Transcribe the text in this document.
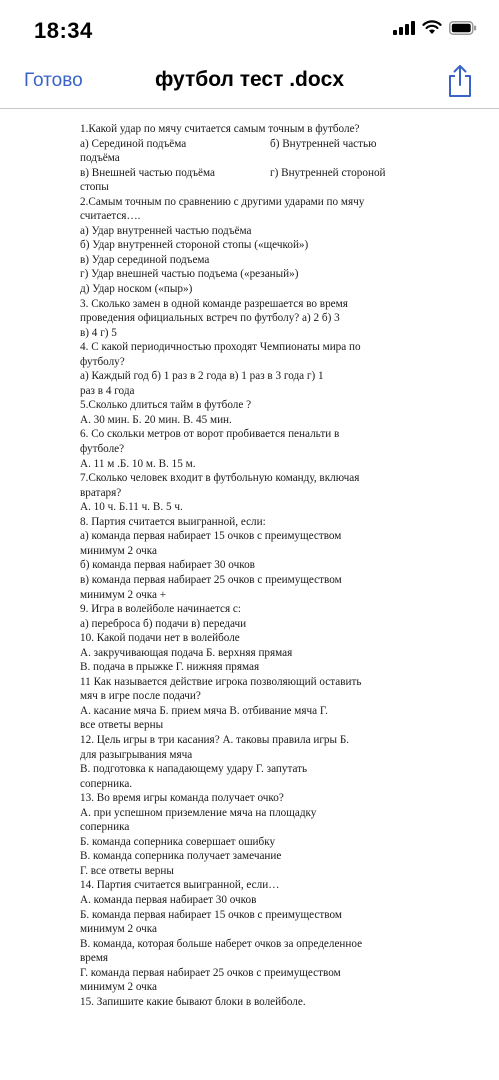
18:34
Готово	футбол тест .docx
1.Какой удар по мячу считается самым точным в футболе?
а) Серединой подъёма	б) Внутренней частью
подъёма
в) Внешней частью подъёма	г) Внутренней стороной
стопы
2.Самым точным по сравнению с другими ударами по мячу
считается….
а) Удар внутренней частью подъёма
б) Удар внутренней стороной стопы («щечкой»)
в) Удар серединой подъема
г) Удар внешней частью подъема («резаный»)
д) Удар носком («пыр»)
3. Сколько замен в одной команде разрешается во время
проведения официальных встреч по футболу? а) 2 б) 3
в) 4 г) 5
4. С какой периодичностью проходят Чемпионаты мира по
футболу?
а) Каждый год б) 1 раз в 2 года в) 1 раз в 3 года г) 1
раз в 4 года
5.Сколько длиться тайм в футболе ?
А. 30 мин. Б. 20 мин. В. 45 мин.
6. Со скольки метров от ворот пробивается пенальти в
футболе?
А. 11 м .Б. 10 м. В. 15 м.
7.Сколько человек входит в футбольную команду, включая
вратаря?
А. 10 ч. Б.11 ч. В. 5 ч.
8. Партия считается выигранной, если:
а) команда первая набирает 15 очков с преимуществом
минимум 2 очка
б) команда первая набирает 30 очков
в) команда первая набирает 25 очков с преимуществом
минимум 2 очка +
9. Игра в волейболе начинается с:
а) переброса б) подачи в) передачи
10. Какой подачи нет в волейболе
А. закручивающая подача Б. верхняя прямая
В. подача в прыжке Г. нижняя прямая
11 Как называется действие игрока позволяющий оставить
мяч в игре после подачи?
А. касание мяча Б. прием мяча В. отбивание мяча Г.
все ответы верны
12. Цель игры в три касания? А. таковы правила игры Б.
для разыгрывания мяча
В. подготовка к нападающему удару Г. запутать
соперника.
13. Во время игры команда получает очко?
А. при успешном приземление мяча на площадку
соперника
Б. команда соперника совершает ошибку
В. команда соперника получает замечание
Г. все ответы верны
14. Партия считается выигранной, если…
А. команда первая набирает 30 очков
Б. команда первая набирает 15 очков с преимуществом
минимум 2 очка
В. команда, которая больше наберет очков за определенное
время
Г. команда первая набирает 25 очков с преимуществом
минимум 2 очка
15. Запишите какие бывают блоки в волейболе.
